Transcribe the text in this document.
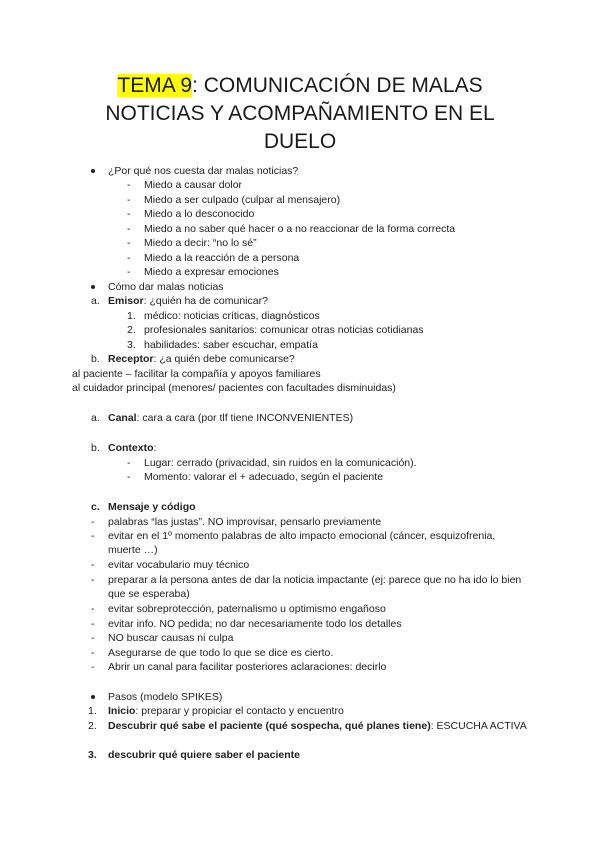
TEMA 9: COMUNICACIÓN DE MALAS
NOTICIAS Y ACOMPAÑAMIENTO EN EL
DUELO
¿Por qué nos cuesta dar malas noticias?
- Miedo a causar dolor
- Miedo a ser culpado (culpar al mensajero)
- Miedo a lo desconocido
- Miedo a no saber qué hacer o a no reaccionar de la forma correcta
- Miedo a decir: “no lo sé”
- Miedo a la reacción de a persona
- Miedo a expresar emociones
Cómo dar malas noticias
a. Emisor: ¿quién ha de comunicar?
1. médico: noticias críticas, diagnósticos
2. profesionales sanitarios: comunicar otras noticias cotidianas
3. habilidades: saber escuchar, empatía
b. Receptor: ¿a quién debe comunicarse?
al paciente – facilitar la compañía y apoyos familiares
al cuidador principal (menores/ pacientes con facultades disminuidas)
a. Canal: cara a cara (por tlf tiene INCONVENIENTES)
b. Contexto:
- Lugar: cerrado (privacidad, sin ruidos en la comunicación).
- Momento: valorar el + adecuado, según el paciente
c. Mensaje y código
- palabras “las justas”. NO improvisar, pensarlo previamente
- evitar en el 1º momento palabras de alto impacto emocional (cáncer, esquizofrenia, muerte …)
- evitar vocabulario muy técnico
- preparar a la persona antes de dar la noticia impactante (ej: parece que no ha ido lo bien que se esperaba)
- evitar sobreprotección, paternalismo u optimismo engañoso
- evitar info. NO pedida; no dar necesariamente todo los detalles
- NO buscar causas ni culpa
- Asegurarse de que todo lo que se dice es cierto.
- Abrir un canal para facilitar posteriores aclaraciones: decirlo
Pasos (modelo SPIKES)
1. Inicio: preparar y propiciar el contacto y encuentro
2. Descubrir qué sabe el paciente (qué sospecha, qué planes tiene): ESCUCHA ACTIVA
3. descubrir qué quiere saber el paciente
